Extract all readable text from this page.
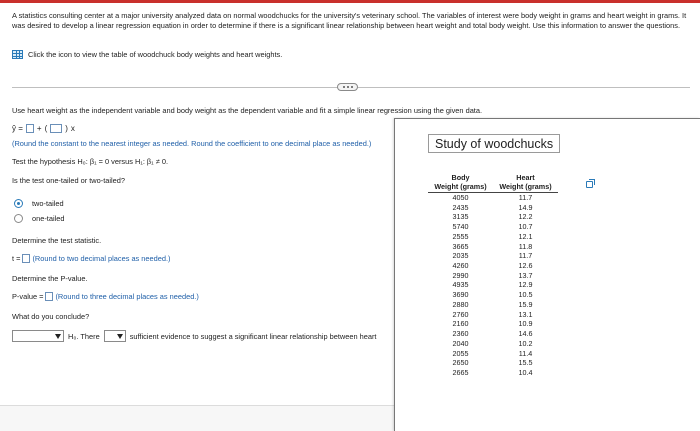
A statistics consulting center at a major university analyzed data on normal woodchucks for the university's veterinary school. The variables of interest were body weight in grams and heart weight in grams. It was desired to develop a linear regression equation in order to determine if there is a significant linear relationship between heart weight and total body weight. Use this information to answer the questions.
Click the icon to view the table of woodchuck body weights and heart weights.
Use heart weight as the independent variable and body weight as the dependent variable and fit a simple linear regression using the given data.
ŷ = + ( ) x
(Round the constant to the nearest integer as needed. Round the coefficient to one decimal place as needed.)
Test the hypothesis H₀: β₁ = 0 versus H₁: β₁ ≠ 0.
Is the test one-tailed or two-tailed?
two-tailed
one-tailed
Determine the test statistic.
t = (Round to two decimal places as needed.)
Determine the P-value.
P-value = (Round to three decimal places as needed.)
What do you conclude?
H₀. There	sufficient evidence to suggest a significant linear relationship between heart
Study of woodchucks
Body
Weight (grams)	Heart
Weight (grams)
4050	11.7
2435	14.9
3135	12.2
5740	10.7
2555	12.1
3665	11.8
2035	11.7
4260	12.6
2990	13.7
4935	12.9
3690	10.5
2880	15.9
2760	13.1
2160	10.9
2360	14.6
2040	10.2
2055	11.4
2650	15.5
2665	10.4
